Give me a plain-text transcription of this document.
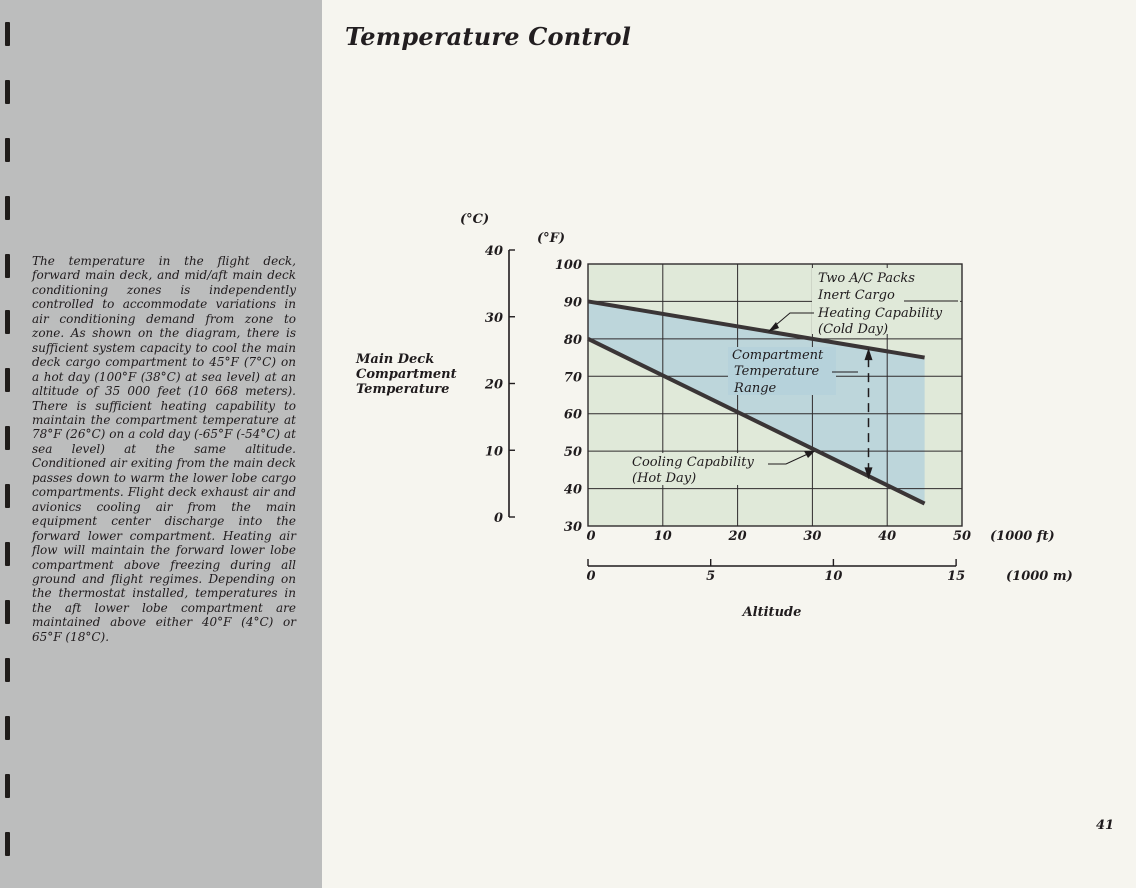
The temperature in the flight deck, forward main deck, and mid/aft main deck conditioning zones is independently controlled to accommodate variations in air conditioning demand from zone to zone. As shown on the diagram, there is sufficient system capacity to cool the main deck cargo compartment to 45°F (7°C) on a hot day (100°F (38°C) at sea level) at an altitude of 35 000 feet (10 668 meters). There is sufficient heating capability to maintain the compartment temperature at 78°F (26°C) on a cold day (-65°F (-54°C) at sea level) at the same altitude. Conditioned air exiting from the main deck passes down to warm the lower lobe cargo compartments. Flight deck exhaust air and avionics cooling air from the main equipment center discharge into the forward lower compartment. Heating air flow will maintain the forward lower lobe compartment above freezing during all ground and flight regimes. Depending on the thermostat installed, temperatures in the aft lower lobe compartment are maintained above either 40°F (4°C) or 65°F (18°C).
Temperature Control
41
30
40
50
60
70
80
90
100
(°F)
0
10
20
30
40
(°C)
Main Deck
Compartment
Temperature
0	10	20	30	40	50 (1000 ft)
0	5	10	15	(1000 m)
Altitude
Two A/C Packs
Inert Cargo
Heating Capability
(Cold Day)
Compartment
Temperature
Range
Cooling Capability
(Hot Day)
